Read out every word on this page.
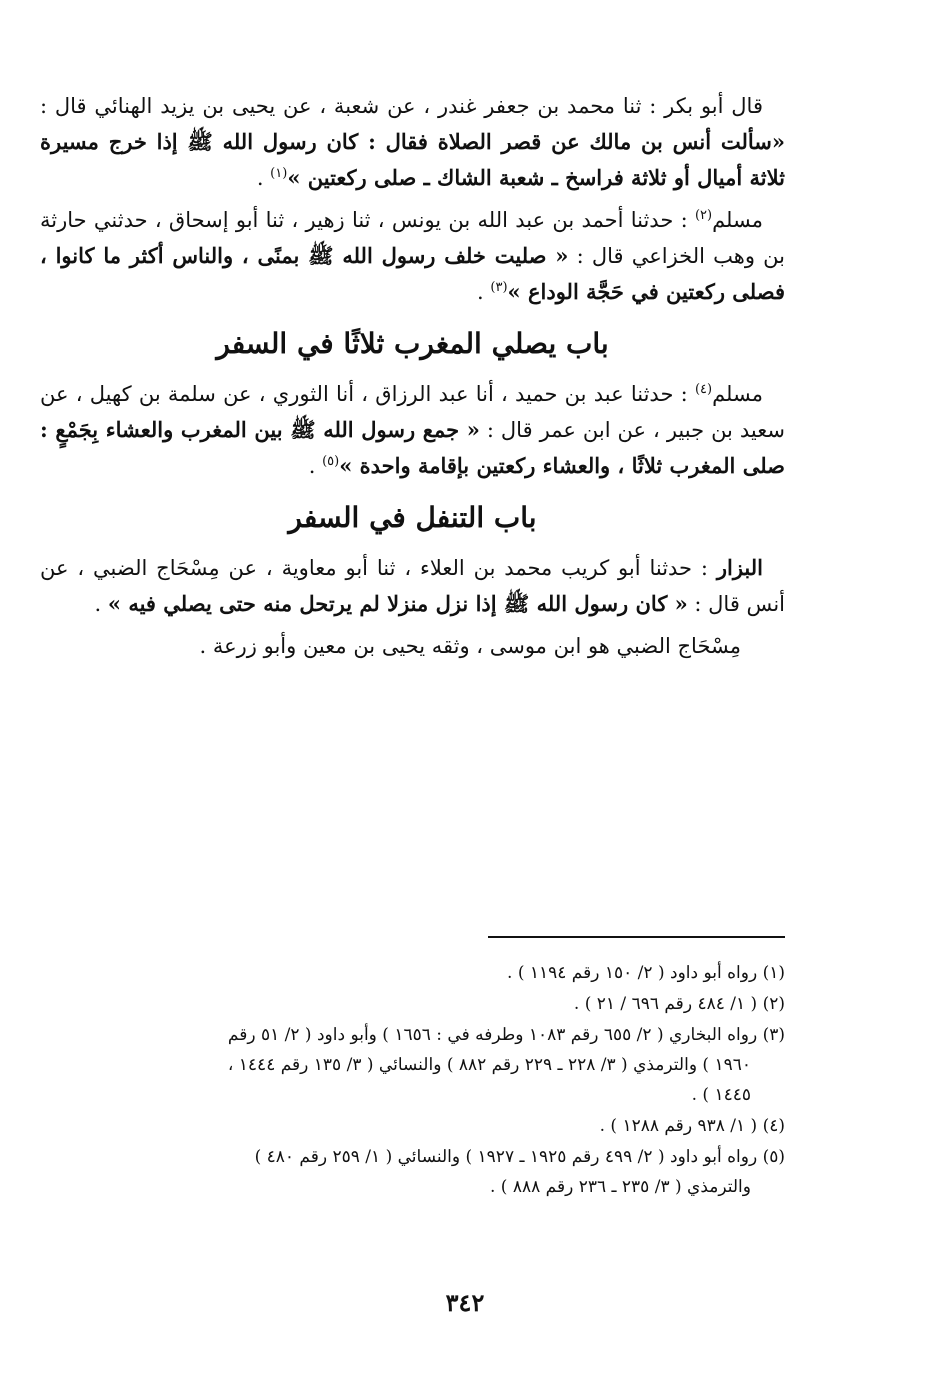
قال أبو بكر : ثنا محمد بن جعفر غندر ، عن شعبة ، عن يحيى بن يزيد الهنائي قال : «سألت أنس بن مالك عن قصر الصلاة فقال : كان رسول الله ﷺ إذا خرج مسيرة ثلاثة أميال أو ثلاثة فراسخ ـ شعبة الشاك ـ صلى ركعتين »$^{(١)}$ .

مسلم$^{(٢)}$ : حدثنا أحمد بن عبد الله بن يونس ، ثنا زهير ، ثنا أبو إسحاق ، حدثني حارثة بن وهب الخزاعي قال : « صليت خلف رسول الله ﷺ بمنًى ، والناس أكثر ما كانوا ، فصلى ركعتين في حَجَّة الوداع »$^{(٣)}$ .

باب يصلي المغرب ثلاثًا في السفر

مسلم$^{(٤)}$ : حدثنا عبد بن حميد ، أنا عبد الرزاق ، أنا الثوري ، عن سلمة بن كهيل ، عن سعيد بن جبير ، عن ابن عمر قال : « جمع رسول الله ﷺ بين المغرب والعشاء بِجَمْعٍ : صلى المغرب ثلاثًا ، والعشاء ركعتين بإقامة واحدة »$^{(٥)}$ .

باب التنفل في السفر

البزار : حدثنا أبو كريب محمد بن العلاء ، ثنا أبو معاوية ، عن مِسْحَاج الضبي ، عن أنس قال : « كان رسول الله ﷺ إذا نزل منزلا لم يرتحل منه حتى يصلي فيه » .

مِسْحَاج الضبي هو ابن موسى ، وثقه يحيى بن معين وأبو زرعة .

(١) رواه أبو داود ( ٢/ ١٥٠ رقم ١١٩٤ ) .
(٢) ( ١/ ٤٨٤ رقم ٦٩٦ / ٢١ ) .
(٣) رواه البخاري ( ٢/ ٦٥٥ رقم ١٠٨٣ وطرفه في : ١٦٥٦ ) وأبو داود ( ٢/ ٥١ رقم
١٩٦٠ ) والترمذي ( ٣/ ٢٢٨ ـ ٢٢٩ رقم ٨٨٢ ) والنسائي ( ٣/ ١٣٥ رقم ١٤٤٤ ،
١٤٤٥ ) .
(٤) ( ١/ ٩٣٨ رقم ١٢٨٨ ) .
(٥) رواه أبو داود ( ٢/ ٤٩٩ رقم ١٩٢٥ ـ ١٩٢٧ ) والنسائي ( ١/ ٢٥٩ رقم ٤٨٠ )
والترمذي ( ٣/ ٢٣٥ ـ ٢٣٦ رقم ٨٨٨ ) .
٣٤٢
